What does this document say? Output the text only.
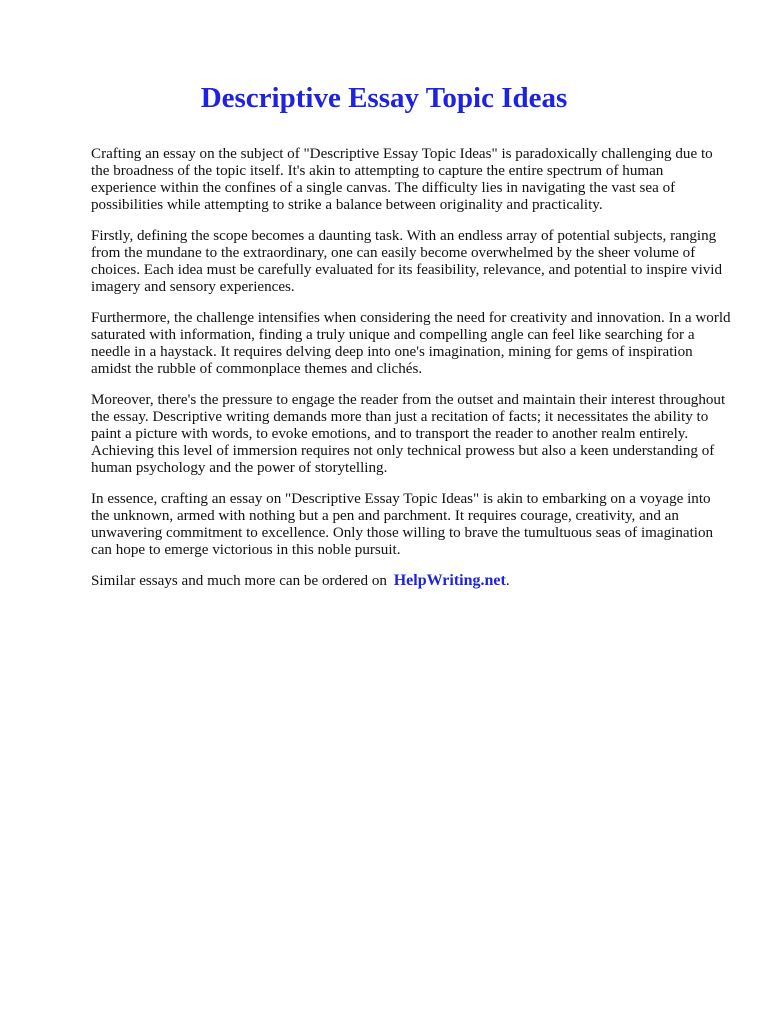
Descriptive Essay Topic Ideas

Crafting an essay on the subject of "Descriptive Essay Topic Ideas" is paradoxically challenging due to the broadness of the topic itself. It's akin to attempting to capture the entire spectrum of human experience within the confines of a single canvas. The difficulty lies in navigating the vast sea of possibilities while attempting to strike a balance between originality and practicality.

Firstly, defining the scope becomes a daunting task. With an endless array of potential subjects, ranging from the mundane to the extraordinary, one can easily become overwhelmed by the sheer volume of choices. Each idea must be carefully evaluated for its feasibility, relevance, and potential to inspire vivid imagery and sensory experiences.

Furthermore, the challenge intensifies when considering the need for creativity and innovation. In a world saturated with information, finding a truly unique and compelling angle can feel like searching for a needle in a haystack. It requires delving deep into one's imagination, mining for gems of inspiration amidst the rubble of commonplace themes and clichés.

Moreover, there's the pressure to engage the reader from the outset and maintain their interest throughout the essay. Descriptive writing demands more than just a recitation of facts; it necessitates the ability to paint a picture with words, to evoke emotions, and to transport the reader to another realm entirely. Achieving this level of immersion requires not only technical prowess but also a keen understanding of human psychology and the power of storytelling.

In essence, crafting an essay on "Descriptive Essay Topic Ideas" is akin to embarking on a voyage into the unknown, armed with nothing but a pen and parchment. It requires courage, creativity, and an unwavering commitment to excellence. Only those willing to brave the tumultuous seas of imagination can hope to emerge victorious in this noble pursuit.

Similar essays and much more can be ordered on HelpWriting.net.
